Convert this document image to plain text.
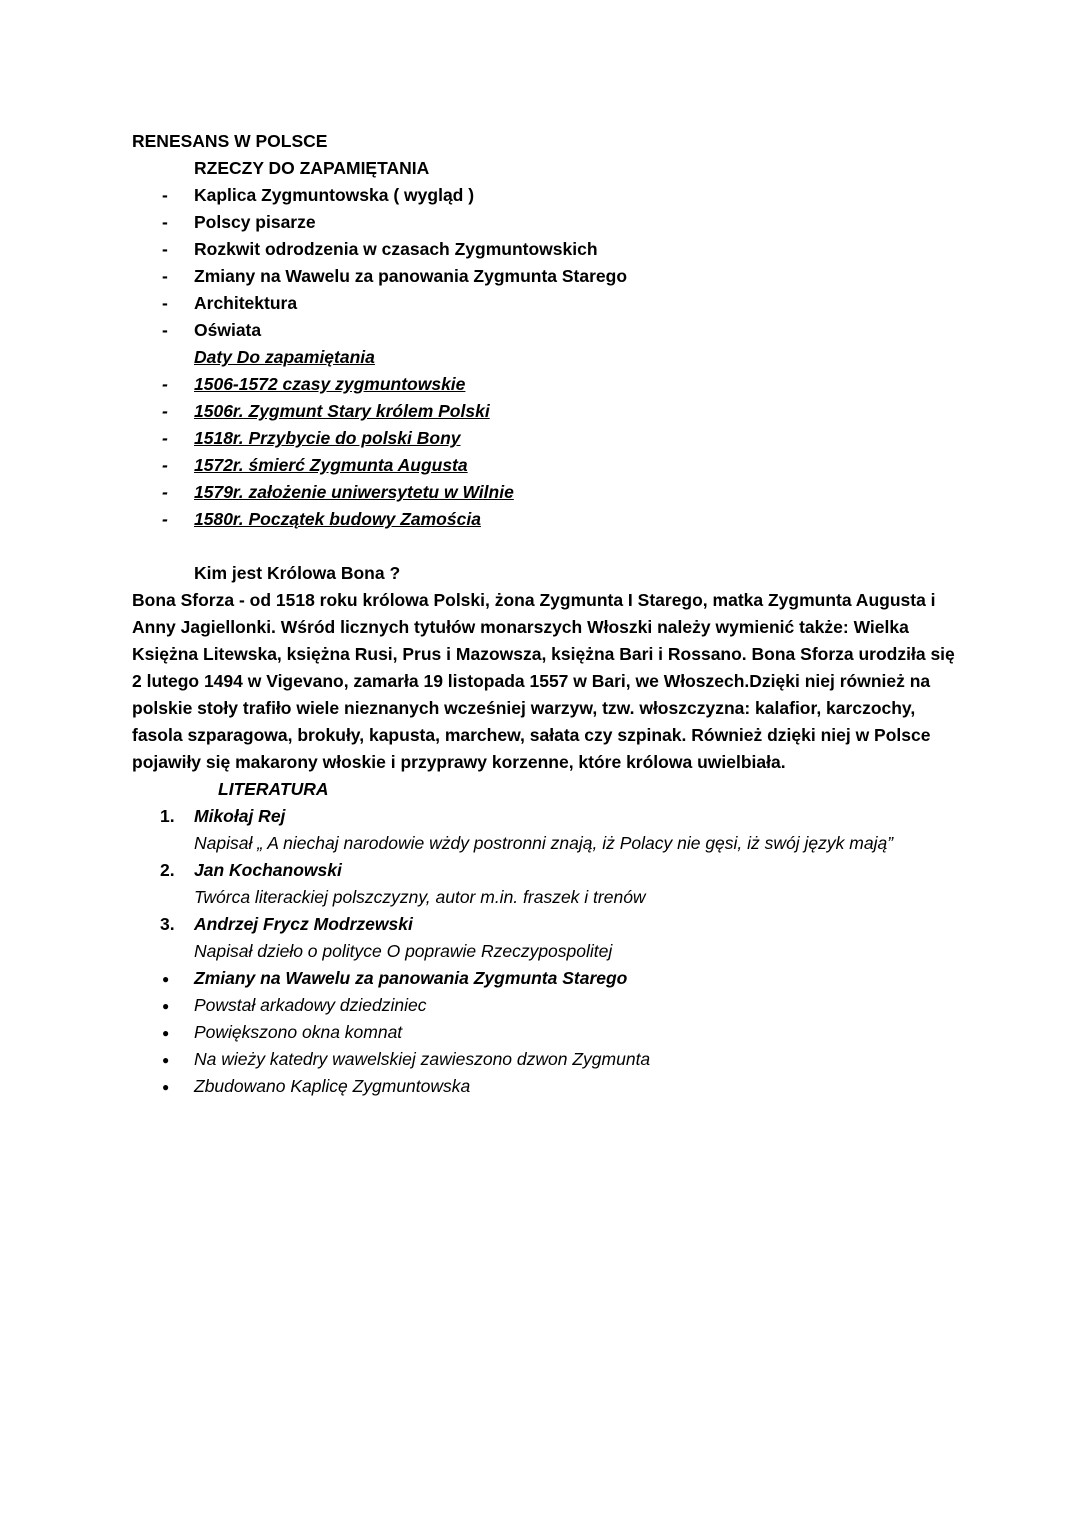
RENESANS W POLSCE
RZECZY DO ZAPAMIĘTANIA
- Kaplica Zygmuntowska ( wygląd )
- Polscy pisarze
- Rozkwit odrodzenia w czasach Zygmuntowskich
- Zmiany na Wawelu za panowania Zygmunta Starego
- Architektura
- Oświata
Daty Do zapamiętania
- 1506-1572 czasy zygmuntowskie
- 1506r. Zygmunt Stary królem Polski
- 1518r. Przybycie do polski Bony
- 1572r. śmierć Zygmunta Augusta
- 1579r. założenie uniwersytetu w Wilnie
- 1580r. Początek budowy Zamościa
Kim jest Królowa Bona ?

Bona Sforza - od 1518 roku królowa Polski, żona Zygmunta I Starego, matka Zygmunta Augusta i Anny Jagiellonki. Wśród licznych tytułów monarszych Włoszki należy wymienić także: Wielka Księżna Litewska, księżna Rusi, Prus i Mazowsza, księżna Bari i Rossano. Bona Sforza urodziła się 2 lutego 1494 w Vigevano, zamarła 19 listopada 1557 w Bari, we Włoszech.Dzięki niej również na polskie stoły trafiło wiele nieznanych wcześniej warzyw, tzw. włoszczyzna: kalafior, karczochy, fasola szparagowa, brokuły, kapusta, marchew, sałata czy szpinak. Również dzięki niej w Polsce pojawiły się makarony włoskie i przyprawy korzenne, które królowa uwielbiała.

LITERATURA
Mikołaj Rej
Napisał „ A niechaj narodowie wżdy postronni znają, iż Polacy nie gęsi, iż swój język mają”
Jan Kochanowski
Twórca literackiej polszczyzny, autor m.in. fraszek i trenów
Andrzej Frycz Modrzewski
Napisał dzieło o polityce O poprawie Rzeczypospolitej
● Zmiany na Wawelu za panowania Zygmunta Starego
● Powstał arkadowy dziedziniec
● Powiększono okna komnat
● Na wieży katedry wawelskiej zawieszono dzwon Zygmunta
● Zbudowano Kaplicę Zygmuntowska
